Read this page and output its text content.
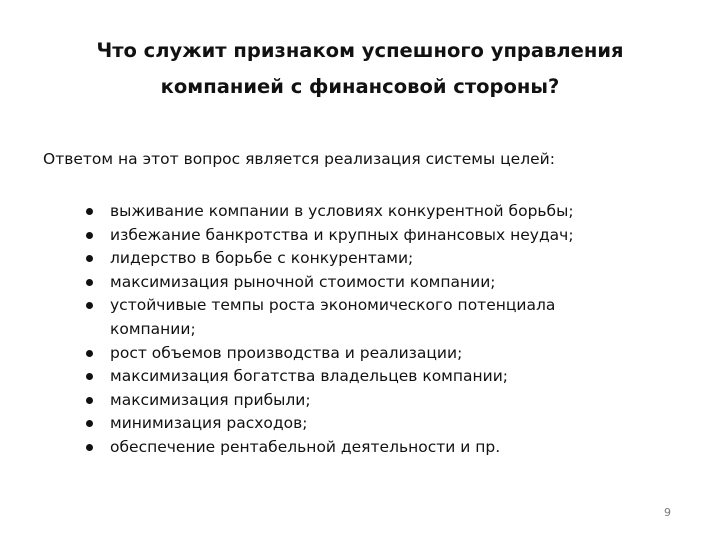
Что служит признаком успешного управления
компанией с финансовой стороны?
Ответом на этот вопрос является реализация системы целей:
выживание компании в условиях конкурентной борьбы;
избежание банкротства и крупных финансовых неудач;
лидерство в борьбе с конкурентами;
максимизация рыночной стоимости компании;
устойчивые темпы роста экономического потенциала
компании;
рост объемов производства и реализации;
максимизация богатства владельцев компании;
максимизация прибыли;
минимизация расходов;
обеспечение рентабельной деятельности и пр.
9
